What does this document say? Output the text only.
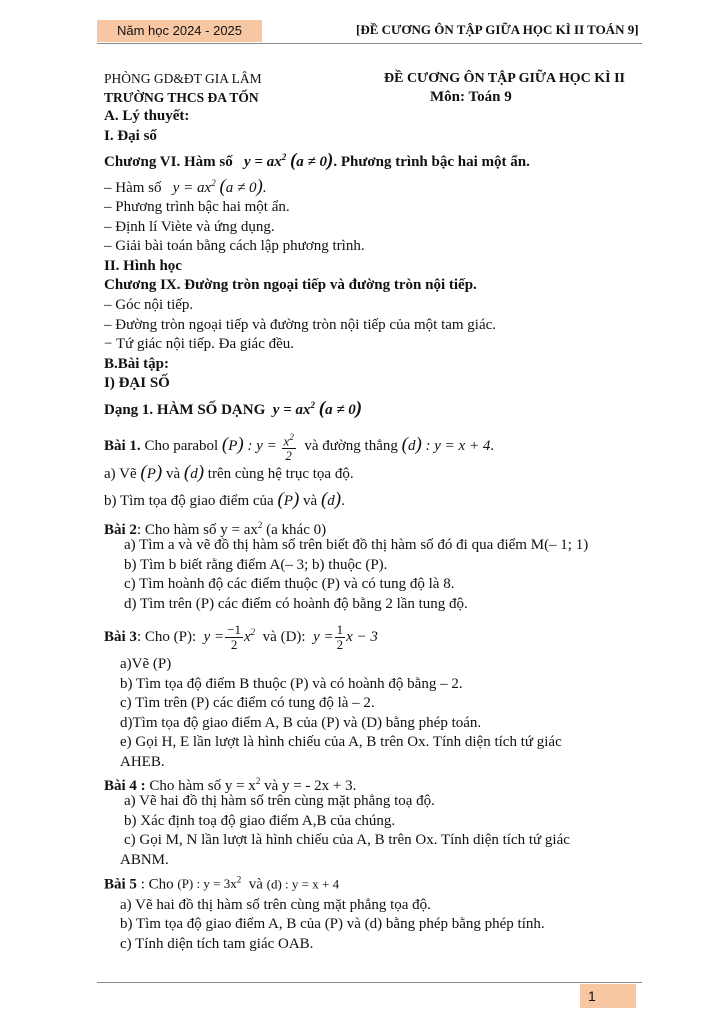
Năm học 2024 - 2025	[ĐỀ CƯƠNG ÔN TẬP GIỮA HỌC KÌ II TOÁN 9]
PHÒNG GD&ĐT GIA LÂM	ĐỀ CƯƠNG ÔN TẬP GIỮA HỌC KÌ II
TRƯỜNG THCS ĐA TỐN	Môn: Toán 9
A. Lý thuyết:
I. Đại số
Chương VI. Hàm số   $y = ax^2$ (a ≠ 0). Phương trình bậc hai một ẩn.
– Hàm số   $y = ax^2$ (a ≠ 0).
– Phương trình bậc hai một ẩn.
– Định lí Viète và ứng dụng.
– Giải bài toán bằng cách lập phương trình.
II. Hình học
Chương IX. Đường tròn ngoại tiếp và đường tròn nội tiếp.
– Góc nội tiếp.
– Đường tròn ngoại tiếp và đường tròn nội tiếp của một tam giác.
− Tứ giác nội tiếp. Đa giác đều.
B.Bài tập:
I) ĐẠI SỐ
Dạng 1. HÀM SỐ DẠNG  $y = ax^2$ (a ≠ 0)
Bài 1. Cho parabol (P) : $y = \frac{x^2}{2}$ và đường thẳng (d) : y = x + 4.
a) Vẽ (P) và (d) trên cùng hệ trục tọa độ.
b) Tìm tọa độ giao điểm của (P) và (d).
Bài 2: Cho hàm số $y = ax^2$ (a khác 0)
a) Tìm a và vẽ đồ thị hàm số trên biết đồ thị hàm số đó đi qua điểm M(– 1; 1)
b) Tìm b biết rằng điểm A(– 3; b) thuộc (P).
c) Tìm hoành độ các điểm thuộc (P) và có tung độ là 8.
d) Tìm trên (P) các điểm có hoành độ bằng 2 lần tung độ.
Bài 3: Cho (P):  $y = \frac{-1}{2} x^2$ và (D):  $y = \frac{1}{2}$ x − 3
a)Vẽ (P)
b) Tìm tọa độ điểm B thuộc (P) và có hoành độ bằng – 2.
c) Tìm trên (P) các điểm có tung độ là – 2.
d)Tìm tọa độ giao điểm A, B của (P) và (D) bằng phép toán.
e) Gọi H, E lần lượt là hình chiếu của A, B trên Ox. Tính diện tích tứ giác
AHEB.
Bài 4 : Cho hàm số $y = x^2$ và y = - 2x + 3.
a) Vẽ hai đồ thị hàm số trên cùng mặt phẳng toạ độ.
b) Xác định toạ độ giao điểm A,B của chúng.
c) Gọi M, N lần lượt là hình chiếu của A, B trên Ox. Tính diện tích tứ giác
ABNM.
Bài 5 : Cho (P) : $y = 3x^2$ và (d) : y = x + 4
a) Vẽ hai đồ thị hàm số trên cùng mặt phẳng tọa độ.
b) Tìm tọa độ giao điểm A, B của (P) và (d) bằng phép bằng phép tính.
c) Tính diện tích tam giác OAB.
1
